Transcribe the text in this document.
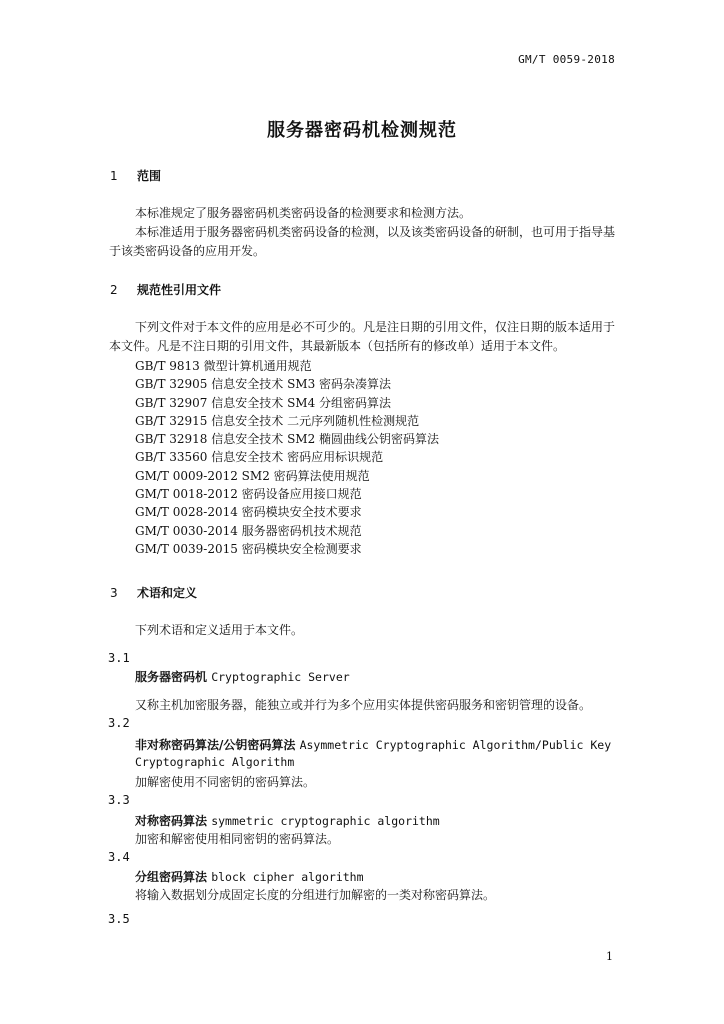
GM/T 0059-2018
服务器密码机检测规范
1 范围

本标准规定了服务器密码机类密码设备的检测要求和检测方法。

本标准适用于服务器密码机类密码设备的检测，以及该类密码设备的研制，也可用于指导基于该类密码设备的应用开发。

2 规范性引用文件

下列文件对于本文件的应用是必不可少的。凡是注日期的引用文件，仅注日期的版本适用于本文件。凡是不注日期的引用文件，其最新版本（包括所有的修改单）适用于本文件。

GB/T 9813 微型计算机通用规范
GB/T 32905 信息安全技术 SM3 密码杂凑算法
GB/T 32907 信息安全技术 SM4 分组密码算法
GB/T 32915 信息安全技术 二元序列随机性检测规范
GB/T 32918 信息安全技术 SM2 椭圆曲线公钥密码算法
GB/T 33560 信息安全技术 密码应用标识规范
GM/T 0009-2012 SM2 密码算法使用规范
GM/T 0018-2012 密码设备应用接口规范
GM/T 0028-2014 密码模块安全技术要求
GM/T 0030-2014 服务器密码机技术规范
GM/T 0039-2015 密码模块安全检测要求
3 术语和定义

下列术语和定义适用于本文件。

3.1
服务器密码机 Cryptographic Server
又称主机加密服务器，能独立或并行为多个应用实体提供密码服务和密钥管理的设备。
3.2
非对称密码算法/公钥密码算法 Asymmetric Cryptographic Algorithm/Public Key
Cryptographic Algorithm
加解密使用不同密钥的密码算法。
3.3
对称密码算法 symmetric cryptographic algorithm
加密和解密使用相同密钥的密码算法。
3.4
分组密码算法 block cipher algorithm
将输入数据划分成固定长度的分组进行加解密的一类对称密码算法。
3.5
1
